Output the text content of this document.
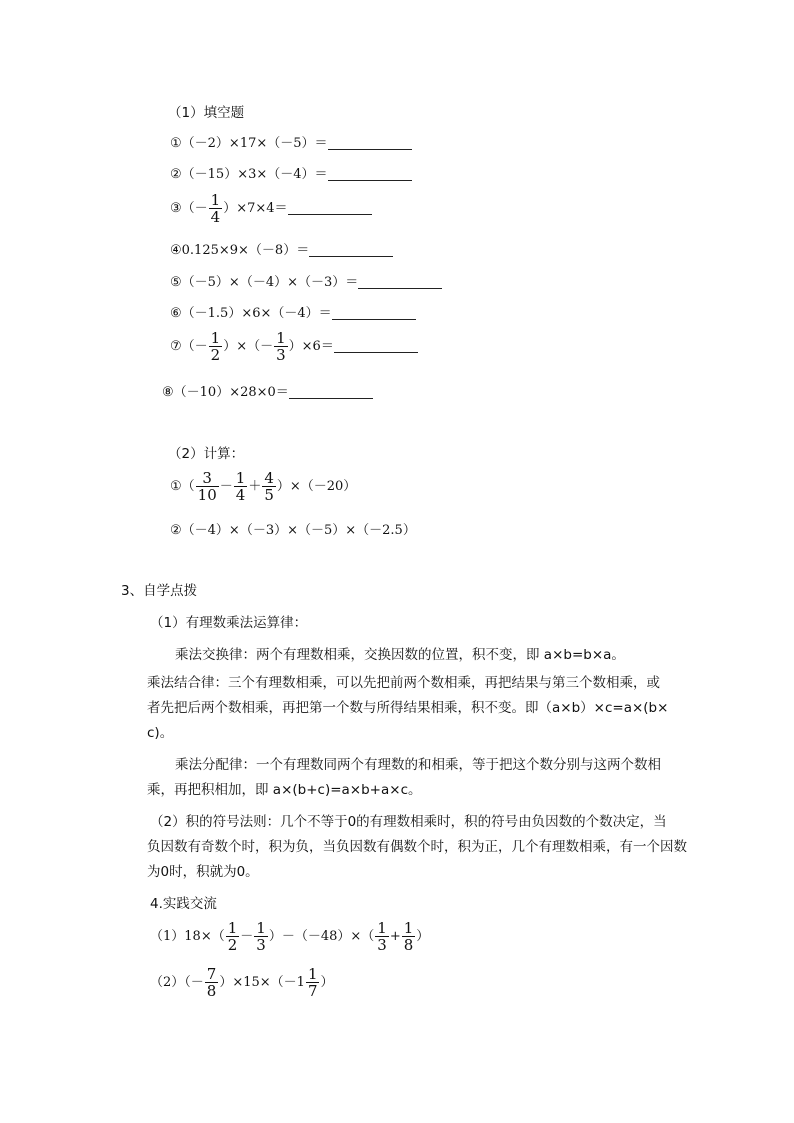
（1）填空题
①（－2）×17×（－5）＝
②（－15）×3×（－4）＝
③（－ $\frac{1}{4} )\times 7\times 4=$
④0.125×9×（－8）＝
⑤（－5）×（－4）×（－3）＝
⑥（－1.5）×6×（－4）＝
⑦（－ $\frac{1}{2}$ ）×（－ $\frac{1}{3} )\times 6=$
⑧（－10）×28×0＝
（2）计算：
①（ $\frac{3}{10} - \frac{1}{4} + \frac{4}{5} )\times(-20)$
②（－4）×（－3）×（－5）×（－2.5）
3、自学点拨
（1）有理数乘法运算律：
乘法交换律：两个有理数相乘，交换因数的位置，积不变，即 a×b=b×a。
乘法结合律：三个有理数相乘，可以先把前两个数相乘，再把结果与第三个数相乘，或
者先把后两个数相乘，再把第一个数与所得结果相乘，积不变。即（a×b）×c=a×(b×
c)。
乘法分配律：一个有理数同两个有理数的和相乘，等于把这个数分别与这两个数相
乘，再把积相加，即 a×(b+c)=a×b+a×c。
（2）积的符号法则：几个不等于0的有理数相乘时，积的符号由负因数的个数决定，当
负因数有奇数个时，积为负，当负因数有偶数个时，积为正，几个有理数相乘，有一个因数
为0时，积就为0。
4.实践交流
$(1)18\times( \frac{1}{2} - \frac{1}{3} )-(-48)\times( \frac{1}{3} + \frac{1}{8}$ ）
$(2)(- \frac{7}{8} )\times 15\times(-1 \frac{1}{7}$ ）
